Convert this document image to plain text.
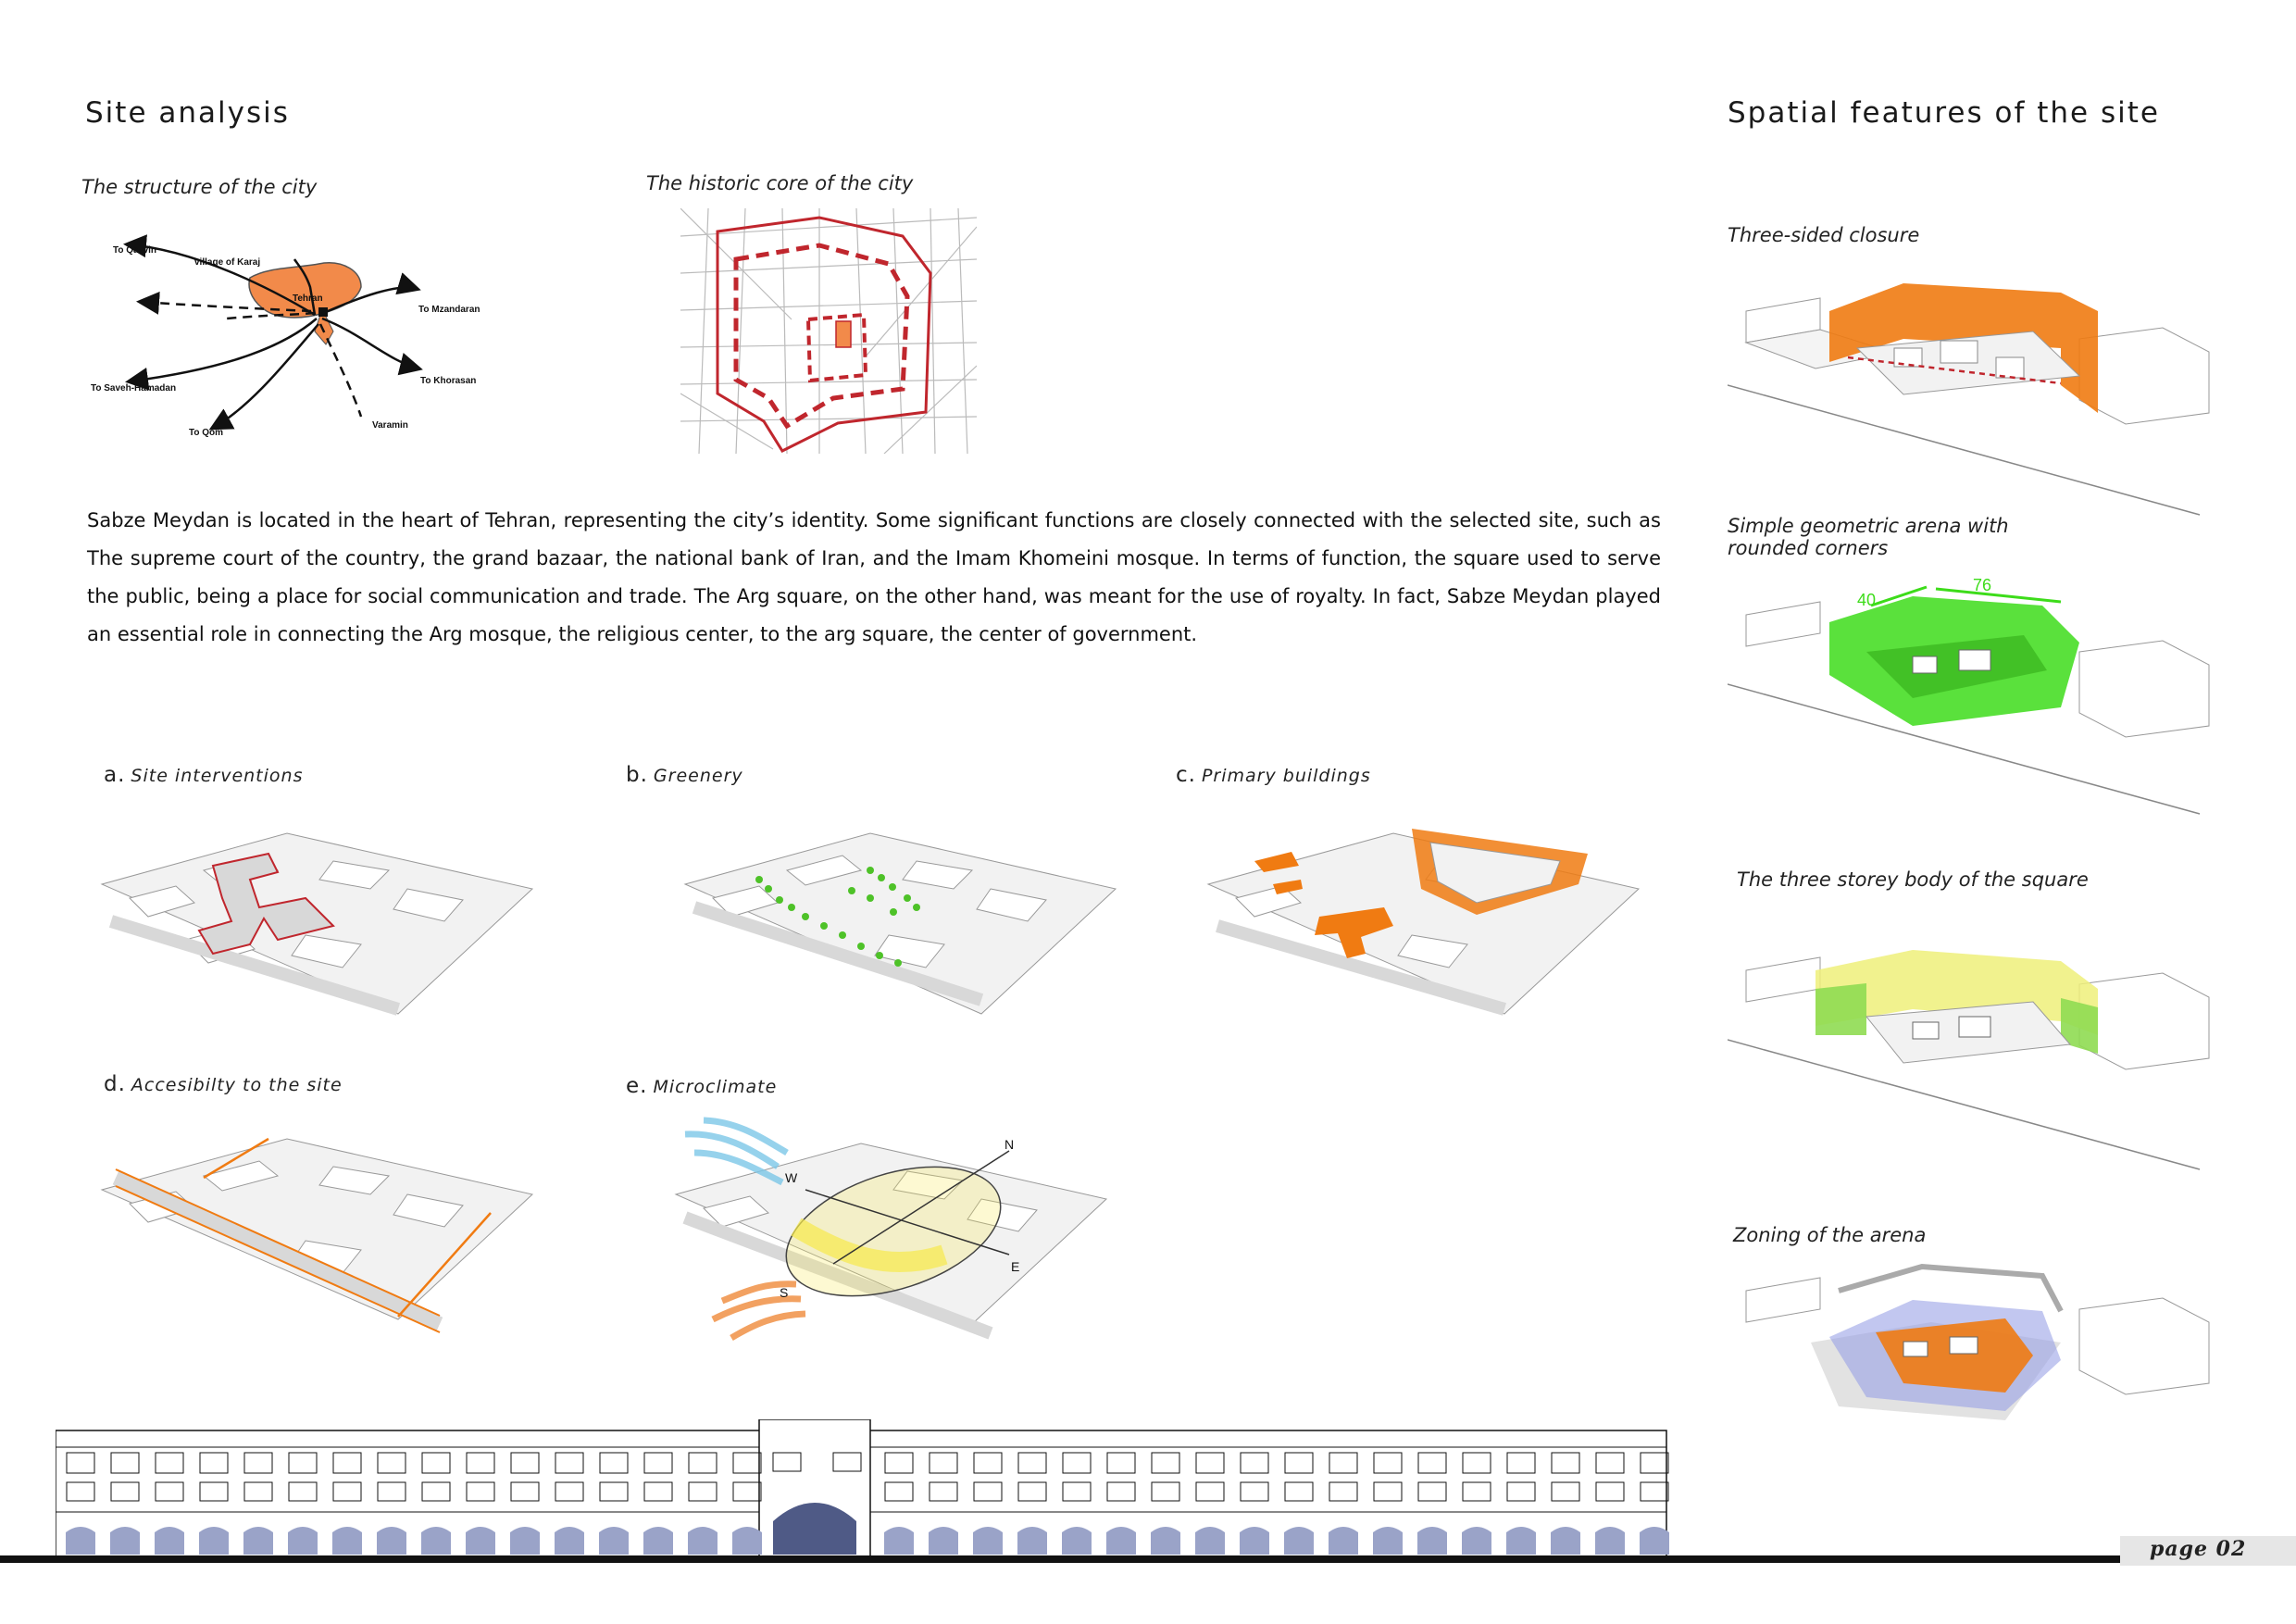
Site analysis	Spatial features of the site
The structure of the city
To Qazvin
village of Karaj
Tehran
To Mzandaran
To Khorasan
To Saveh-Hamadan
Varamin
To Qom
The historic core of the city
Sabze Meydan is located in the heart of Tehran, representing the city’s identity. Some significant functions are closely connected with the selected site, such as The supreme court of the country, the grand bazaar, the national bank of Iran, and the Imam Khomeini mosque. In terms of function, the square used to serve the public, being a place for social communication and trade. The Arg square, on the other hand, was meant for the use of royalty. In fact, Sabze Meydan played an essential role in connecting the Arg mosque, the religious center, to the arg square, the center of government.
a. Site interventions	b. Greenery	c. Primary buildings
d. Accesibilty to the site	e. Microclimate
N
W
S
E
Three-sided closure
Simple geometric arena with
rounded corners
40
76
The three storey body of the square
Zoning of the arena
page 02
